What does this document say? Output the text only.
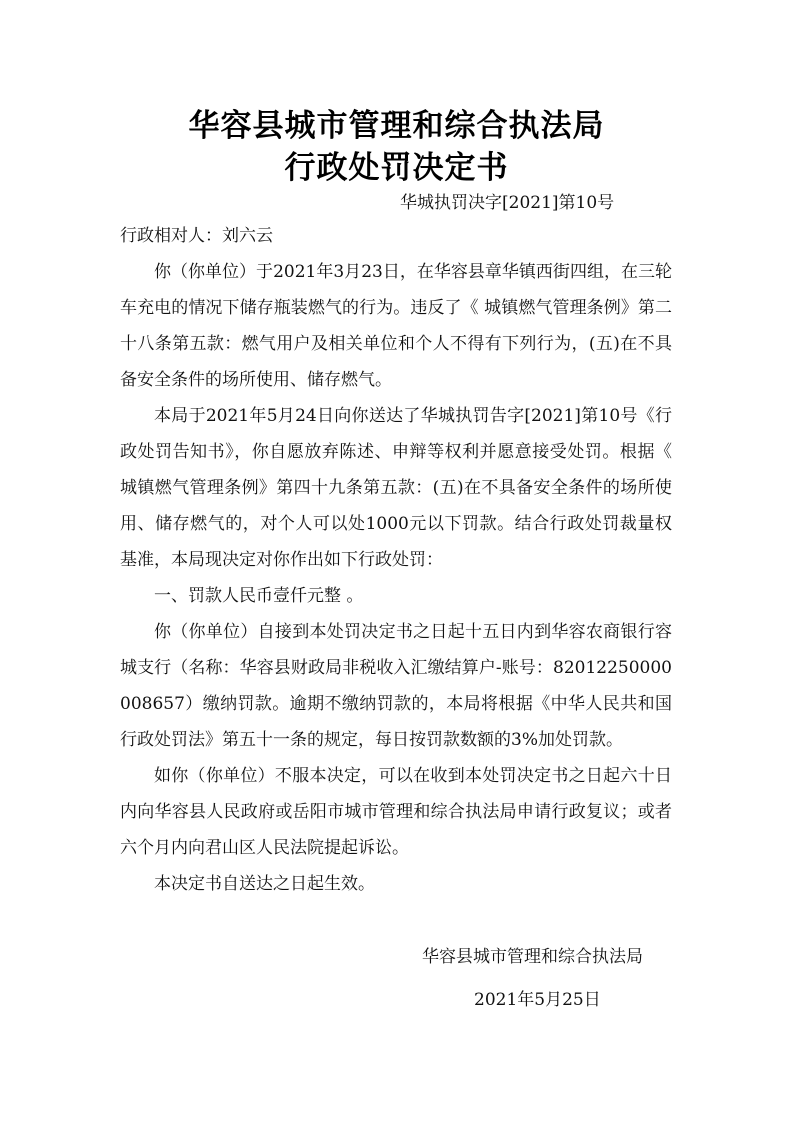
华容县城市管理和综合执法局
行政处罚决定书
华城执罚决字[2021]第10号
行政相对人：刘六云

你（你单位）于2021年3月23日，在华容县章华镇西街四组，在三轮车充电的情况下储存瓶装燃气的行为。违反了《 城镇燃气管理条例》第二十八条第五款：燃气用户及相关单位和个人不得有下列行为，(五)在不具备安全条件的场所使用、储存燃气。

本局于2021年5月24日向你送达了华城执罚告字[2021]第10号《行政处罚告知书》，你自愿放弃陈述、申辩等权利并愿意接受处罚。根据《 城镇燃气管理条例》第四十九条第五款：(五)在不具备安全条件的场所使用、储存燃气的，对个人可以处1000元以下罚款。结合行政处罚裁量权基准，本局现决定对你作出如下行政处罚：

一、罚款人民币壹仟元整 。

你（你单位）自接到本处罚决定书之日起十五日内到华容农商银行容城支行（名称：华容县财政局非税收入汇缴结算户-账号：82012250000008657）缴纳罚款。逾期不缴纳罚款的，本局将根据《中华人民共和国行政处罚法》第五十一条的规定，每日按罚款数额的3%加处罚款。

如你（你单位）不服本决定，可以在收到本处罚决定书之日起六十日内向华容县人民政府或岳阳市城市管理和综合执法局申请行政复议；或者六个月内向君山区人民法院提起诉讼。

本决定书自送达之日起生效。

华容县城市管理和综合执法局
2021年5月25日
